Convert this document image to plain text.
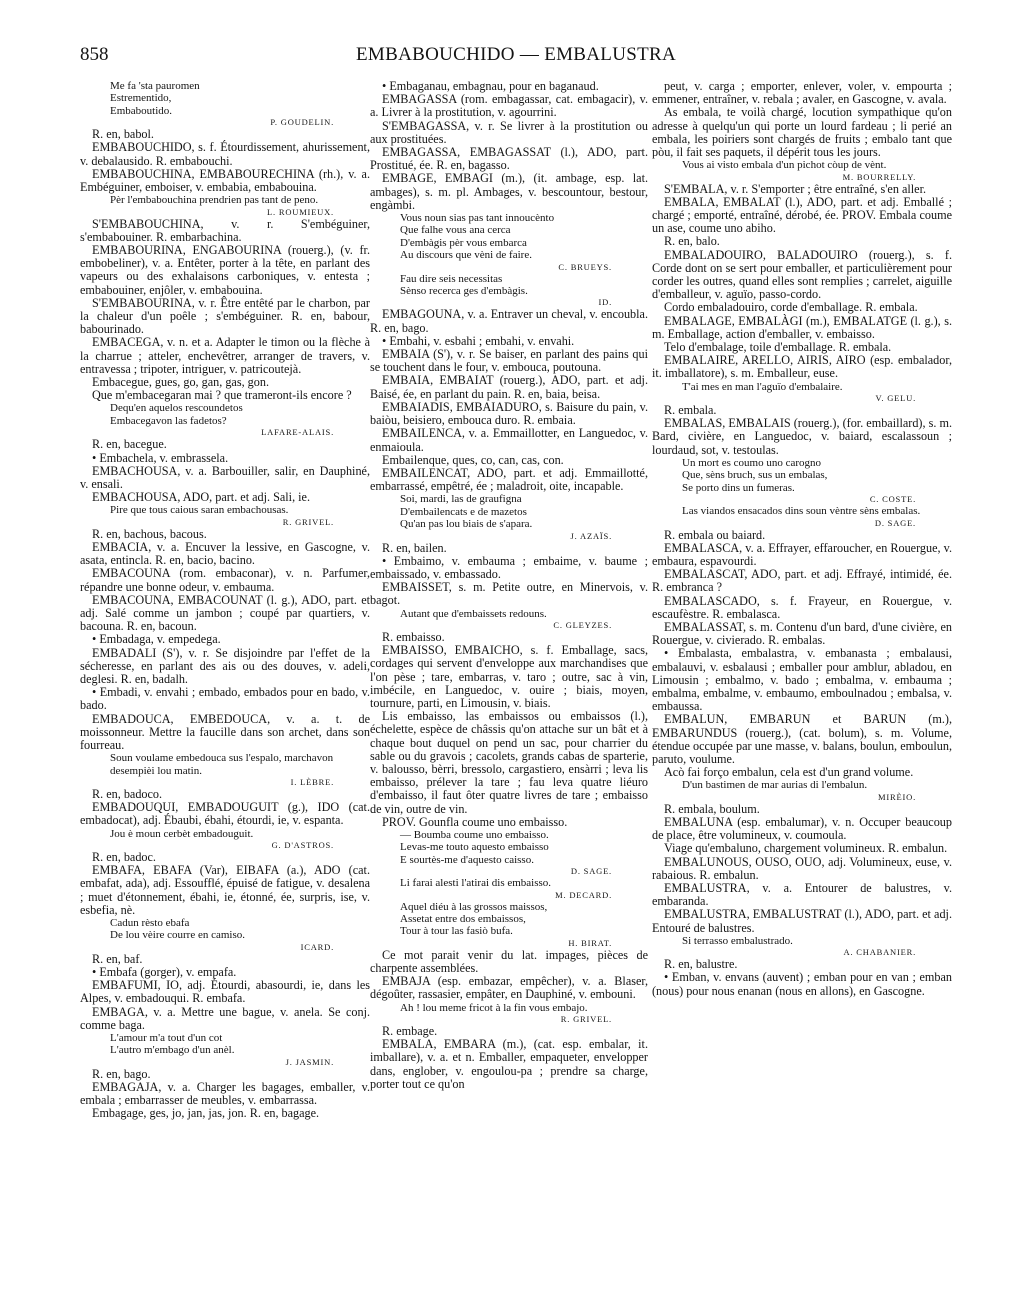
858	EMBABOUCHIDO — EMBALUSTRA

Me fa 'sta pauromen

Estrementido,

Embaboutido.

P. GOUDELIN.

R. en, babol.

EMBABOUCHIDO, s. f. Étourdissement, ahurissement, v. debalausido. R. embabouchi.

EMBABOUCHINA, EMBABOURECHINA (rh.), v. a. Embéguiner, emboiser, v. embabia, embabouina.

Pèr l'embabouchina prendrien pas tant de peno.

L. ROUMIEUX.

S'EMBABOUCHINA, v. r. S'embéguiner, s'embabouiner. R. embarbachina.

EMBABOURINA, ENGABOURINA (rouerg.), (v. fr. embobeliner), v. a. Entêter, porter à la tête, en parlant des vapeurs ou des exhalaisons carboniques, v. entesta ; embabouiner, enjôler, v. embabouina.

S'EMBABOURINA, v. r. Être entêté par le charbon, par la chaleur d'un poêle ; s'embéguiner. R. en, babour, babourinado.

EMBACEGA, v. n. et a. Adapter le timon ou la flèche à la charrue ; atteler, enchevêtrer, arranger de travers, v. entravessa ; tripoter, intriguer, v. patricoutejà.

Embacegue, gues, go, gan, gas, gon.

Que m'embacegaran mai ? que trameront-ils encore ?

Dequ'en aquelos rescoundetos

Embacegavon las fadetos?

LAFARE-ALAIS.

R. en, bacegue.

• Embachela, v. embrassela.

EMBACHOUSA, v. a. Barbouiller, salir, en Dauphiné, v. ensali.

EMBACHOUSA, ADO, part. et adj. Sali, ie.

Pire que tous caious saran embachousas.

R. GRIVEL.

R. en, bachous, bacous.

EMBACIA, v. a. Encuver la lessive, en Gascogne, v. asata, entincla. R. en, bacio, bacino.

EMBACOUNA (rom. embaconar), v. n. Parfumer, répandre une bonne odeur, v. embauma.

EMBACOUNA, EMBACOUNAT (l. g.), ADO, part. et adj. Salé comme un jambon ; coupé par quartiers, v. bacouna. R. en, bacoun.

• Embadaga, v. empedega.

EMBADALI (S'), v. r. Se disjoindre par l'effet de la sécheresse, en parlant des ais ou des douves, v. adeli, deglesi. R. en, badalh.

• Embadi, v. envahi ; embado, embados pour en bado, v. bado.

EMBADOUCA, EMBEDOUCA, v. a. t. de moissonneur. Mettre la faucille dans son archet, dans son fourreau.

Soun voulame embedouca sus l'espalo, marchavon desempièi lou matin.

I. LÈBRE.

R. en, badoco.

EMBADOUQUI, EMBADOUGUIT (g.), IDO (cat. embadocat), adj. Ébaubi, ébahi, étourdi, ie, v. espanta.

Jou è moun cerbèt embadouguit.

G. D'ASTROS.

R. en, badoc.

EMBAFA, EBAFA (Var), EIBAFA (a.), ADO (cat. embafat, ada), adj. Essoufflé, épuisé de fatigue, v. desalena ; muet d'étonnement, ébahi, ie, étonné, ée, surpris, ise, v. esbefia, nè.

Cadun rèsto ebafa

De lou vèire courre en camiso.

ICARD.

R. en, baf.

• Embafa (gorger), v. empafa.

EMBAFUMI, IO, adj. Étourdi, abasourdi, ie, dans les Alpes, v. embadouqui. R. embafa.

EMBAGA, v. a. Mettre une bague, v. anela. Se conj. comme baga.

L'amour m'a tout d'un cot

L'autro m'embago d'un anèl.

J. JASMIN.

R. en, bago.

EMBAGAJA, v. a. Charger les bagages, emballer, v. embala ; embarrasser de meubles, v. embarrassa.

Embagage, ges, jo, jan, jas, jon. R. en, bagage.

• Embaganau, embagnau, pour en baganaud.

EMBAGASSA (rom. embagassar, cat. embagacir), v. a. Livrer à la prostitution, v. agourrini.

S'EMBAGASSA, v. r. Se livrer à la prostitution ou aux prostituées.

EMBAGASSA, EMBAGASSAT (l.), ADO, part. Prostitué, ée. R. en, bagasso.

EMBAGE, EMBAGI (m.), (it. ambage, esp. lat. ambages), s. m. pl. Ambages, v. bescountour, bestour, engàmbi.

Vous noun sias pas tant innoucènto

Que falhe vous ana cerca

D'embàgis pèr vous embarca

Au discours que vèni de faire.

C. BRUEYS.

Fau dire seis necessitas

Sènso recerca ges d'embàgis.

ID.

EMBAGOUNA, v. a. Entraver un cheval, v. encoubla. R. en, bago.

• Embahi, v. esbahi ; embahi, v. envahi.

EMBAIA (S'), v. r. Se baiser, en parlant des pains qui se touchent dans le four, v. embouca, poutouna.

EMBAIA, EMBAIAT (rouerg.), ADO, part. et adj. Baisé, ée, en parlant du pain. R. en, baia, beisa.

EMBAIADIS, EMBAIADURO, s. Baisure du pain, v. baiòu, beisiero, embouca duro. R. embaia.

EMBAILENCA, v. a. Emmaillotter, en Languedoc, v. enmaioula.

Embailenque, ques, co, can, cas, con.

EMBAILENCAT, ADO, part. et adj. Emmaillotté, embarrassé, empêtré, ée ; maladroit, oite, incapable.

Soi, mardi, las de graufigna

D'embailencats e de mazetos

Qu'an pas lou biais de s'apara.

J. AZAÏS.

R. en, bailen.

• Embaimo, v. embauma ; embaime, v. baume ; embaissado, v. embassado.

EMBAISSET, s. m. Petite outre, en Minervois, v. bagot.

Autant que d'embaissets redouns.

C. GLEYZES.

R. embaisso.

EMBAISSO, EMBAICHO, s. f. Emballage, sacs, cordages qui servent d'enveloppe aux marchandises que l'on pèse ; tare, embarras, v. taro ; outre, sac à vin, imbécile, en Languedoc, v. ouire ; biais, moyen, tournure, parti, en Limousin, v. biais.

Lis embaisso, las embaissos ou embaissos (l.), échelette, espèce de châssis qu'on attache sur un bât et à chaque bout duquel on pend un sac, pour charrier du sable ou du gravois ; cacolets, grands cabas de sparterie, v. balousso, bèrri, bressolo, cargastiero, ensàrri ; leva lis embaisso, prélever la tare ; fau leva quatre liéuro d'embaisso, il faut ôter quatre livres de tare ; embaisso de vin, outre de vin.

PROV. Gounfla coume uno embaisso.

— Boumba coume uno embaisso.

Levas-me touto aquesto embaisso

E sourtès-me d'aquesto caisso.

D. SAGE.

Li farai alesti l'atirai dis embaisso.

M. DECARD.

Aquel diéu à las grossos maissos,

Assetat entre dos embaissos,

Tour à tour las fasiò bufa.

H. BIRAT.

Ce mot parait venir du lat. impages, pièces de charpente assemblées.

EMBAJA (esp. embazar, empêcher), v. a. Blaser, dégoûter, rassasier, empâter, en Dauphiné, v. embouni.

Ah ! lou meme fricot à la fin vous embajo.

R. GRIVEL.

R. embage.

EMBALA, EMBARA (m.), (cat. esp. embalar, it. imballare), v. a. et n. Emballer, empaqueter, envelopper dans, englober, v. engoulou-pa ; prendre sa charge, porter tout ce qu'on

peut, v. carga ; emporter, enlever, voler, v. empourta ; emmener, entraîner, v. rebala ; avaler, en Gascogne, v. avala.

As embala, te voilà chargé, locution sympathique qu'on adresse à quelqu'un qui porte un lourd fardeau ; li perié an embala, les poiriers sont chargés de fruits ; embalo tant que pòu, il fait ses paquets, il dépérit tous les jours.

Vous ai visto embala d'un pichot còup de vènt.

M. BOURRELLY.

S'EMBALA, v. r. S'emporter ; être entraîné, s'en aller.

EMBALA, EMBALAT (l.), ADO, part. et adj. Emballé ; chargé ; emporté, entraîné, dérobé, ée. PROV. Embala coume un ase, coume uno abiho.

R. en, balo.

EMBALADOUIRO, BALADOUIRO (rouerg.), s. f. Corde dont on se sert pour emballer, et particulièrement pour corder les outres, quand elles sont remplies ; carrelet, aiguille d'emballeur, v. aguïo, passo-cordo.

Cordo embaladouiro, corde d'emballage. R. embala.

EMBALAGE, EMBALÀGI (m.), EMBALATGE (l. g.), s. m. Emballage, action d'emballer, v. embaisso.

Telo d'embalage, toile d'emballage. R. embala.

EMBALAIRE, ARELLO, AIRIS, AIRO (esp. embalador, it. imballatore), s. m. Emballeur, euse.

T'ai mes en man l'aguïo d'embalaire.

V. GELU.

R. embala.

EMBALAS, EMBALAIS (rouerg.), (for. embaillard), s. m. Bard, civière, en Languedoc, v. baiard, escalassoun ; lourdaud, sot, v. testoulas.

Un mort es coumo uno carogno

Que, sèns bruch, sus un embalas,

Se porto dins un fumeras.

C. COSTE.

Las viandos ensacados dins soun vèntre sèns embalas.

D. SAGE.

R. embala ou baiard.

EMBALASCA, v. a. Effrayer, effaroucher, en Rouergue, v. embaura, espavourdi.

EMBALASCAT, ADO, part. et adj. Effrayé, intimidé, ée. R. embranca ?

EMBALASCADO, s. f. Frayeur, en Rouergue, v. escaufèstre. R. embalasca.

EMBALASSAT, s. m. Contenu d'un bard, d'une civière, en Rouergue, v. civierado. R. embalas.

• Embalasta, embalastra, v. embanasta ; embalausi, embalauvi, v. esbalausi ; emballer pour amblur, abladou, en Limousin ; embalmo, v. bado ; embalma, v. embauma ; embalma, embalme, v. embaumo, emboulnadou ; embalsa, v. embaussa.

EMBALUN, EMBARUN et BARUN (m.), EMBARUNDUS (rouerg.), (cat. bolum), s. m. Volume, étendue occupée par une masse, v. balans, boulun, emboulun, paruto, voulume.

Acò fai forço embalun, cela est d'un grand volume.

D'un bastimen de mar aurias di l'embalun.

MIRÈIO.

R. embala, boulum.

EMBALUNA (esp. embalumar), v. n. Occuper beaucoup de place, être volumineux, v. coumoula.

Viage qu'embaluno, chargement volumineux. R. embalun.

EMBALUNOUS, OUSO, OUO, adj. Volumineux, euse, v. rabaious. R. embalun.

EMBALUSTRA, v. a. Entourer de balustres, v. embaranda.

EMBALUSTRA, EMBALUSTRAT (l.), ADO, part. et adj. Entouré de balustres.

Si terrasso embalustrado.

A. CHABANIER.

R. en, balustre.

• Emban, v. envans (auvent) ; emban pour en van ; emban (nous) pour nous enanan (nous en allons), en Gascogne.
